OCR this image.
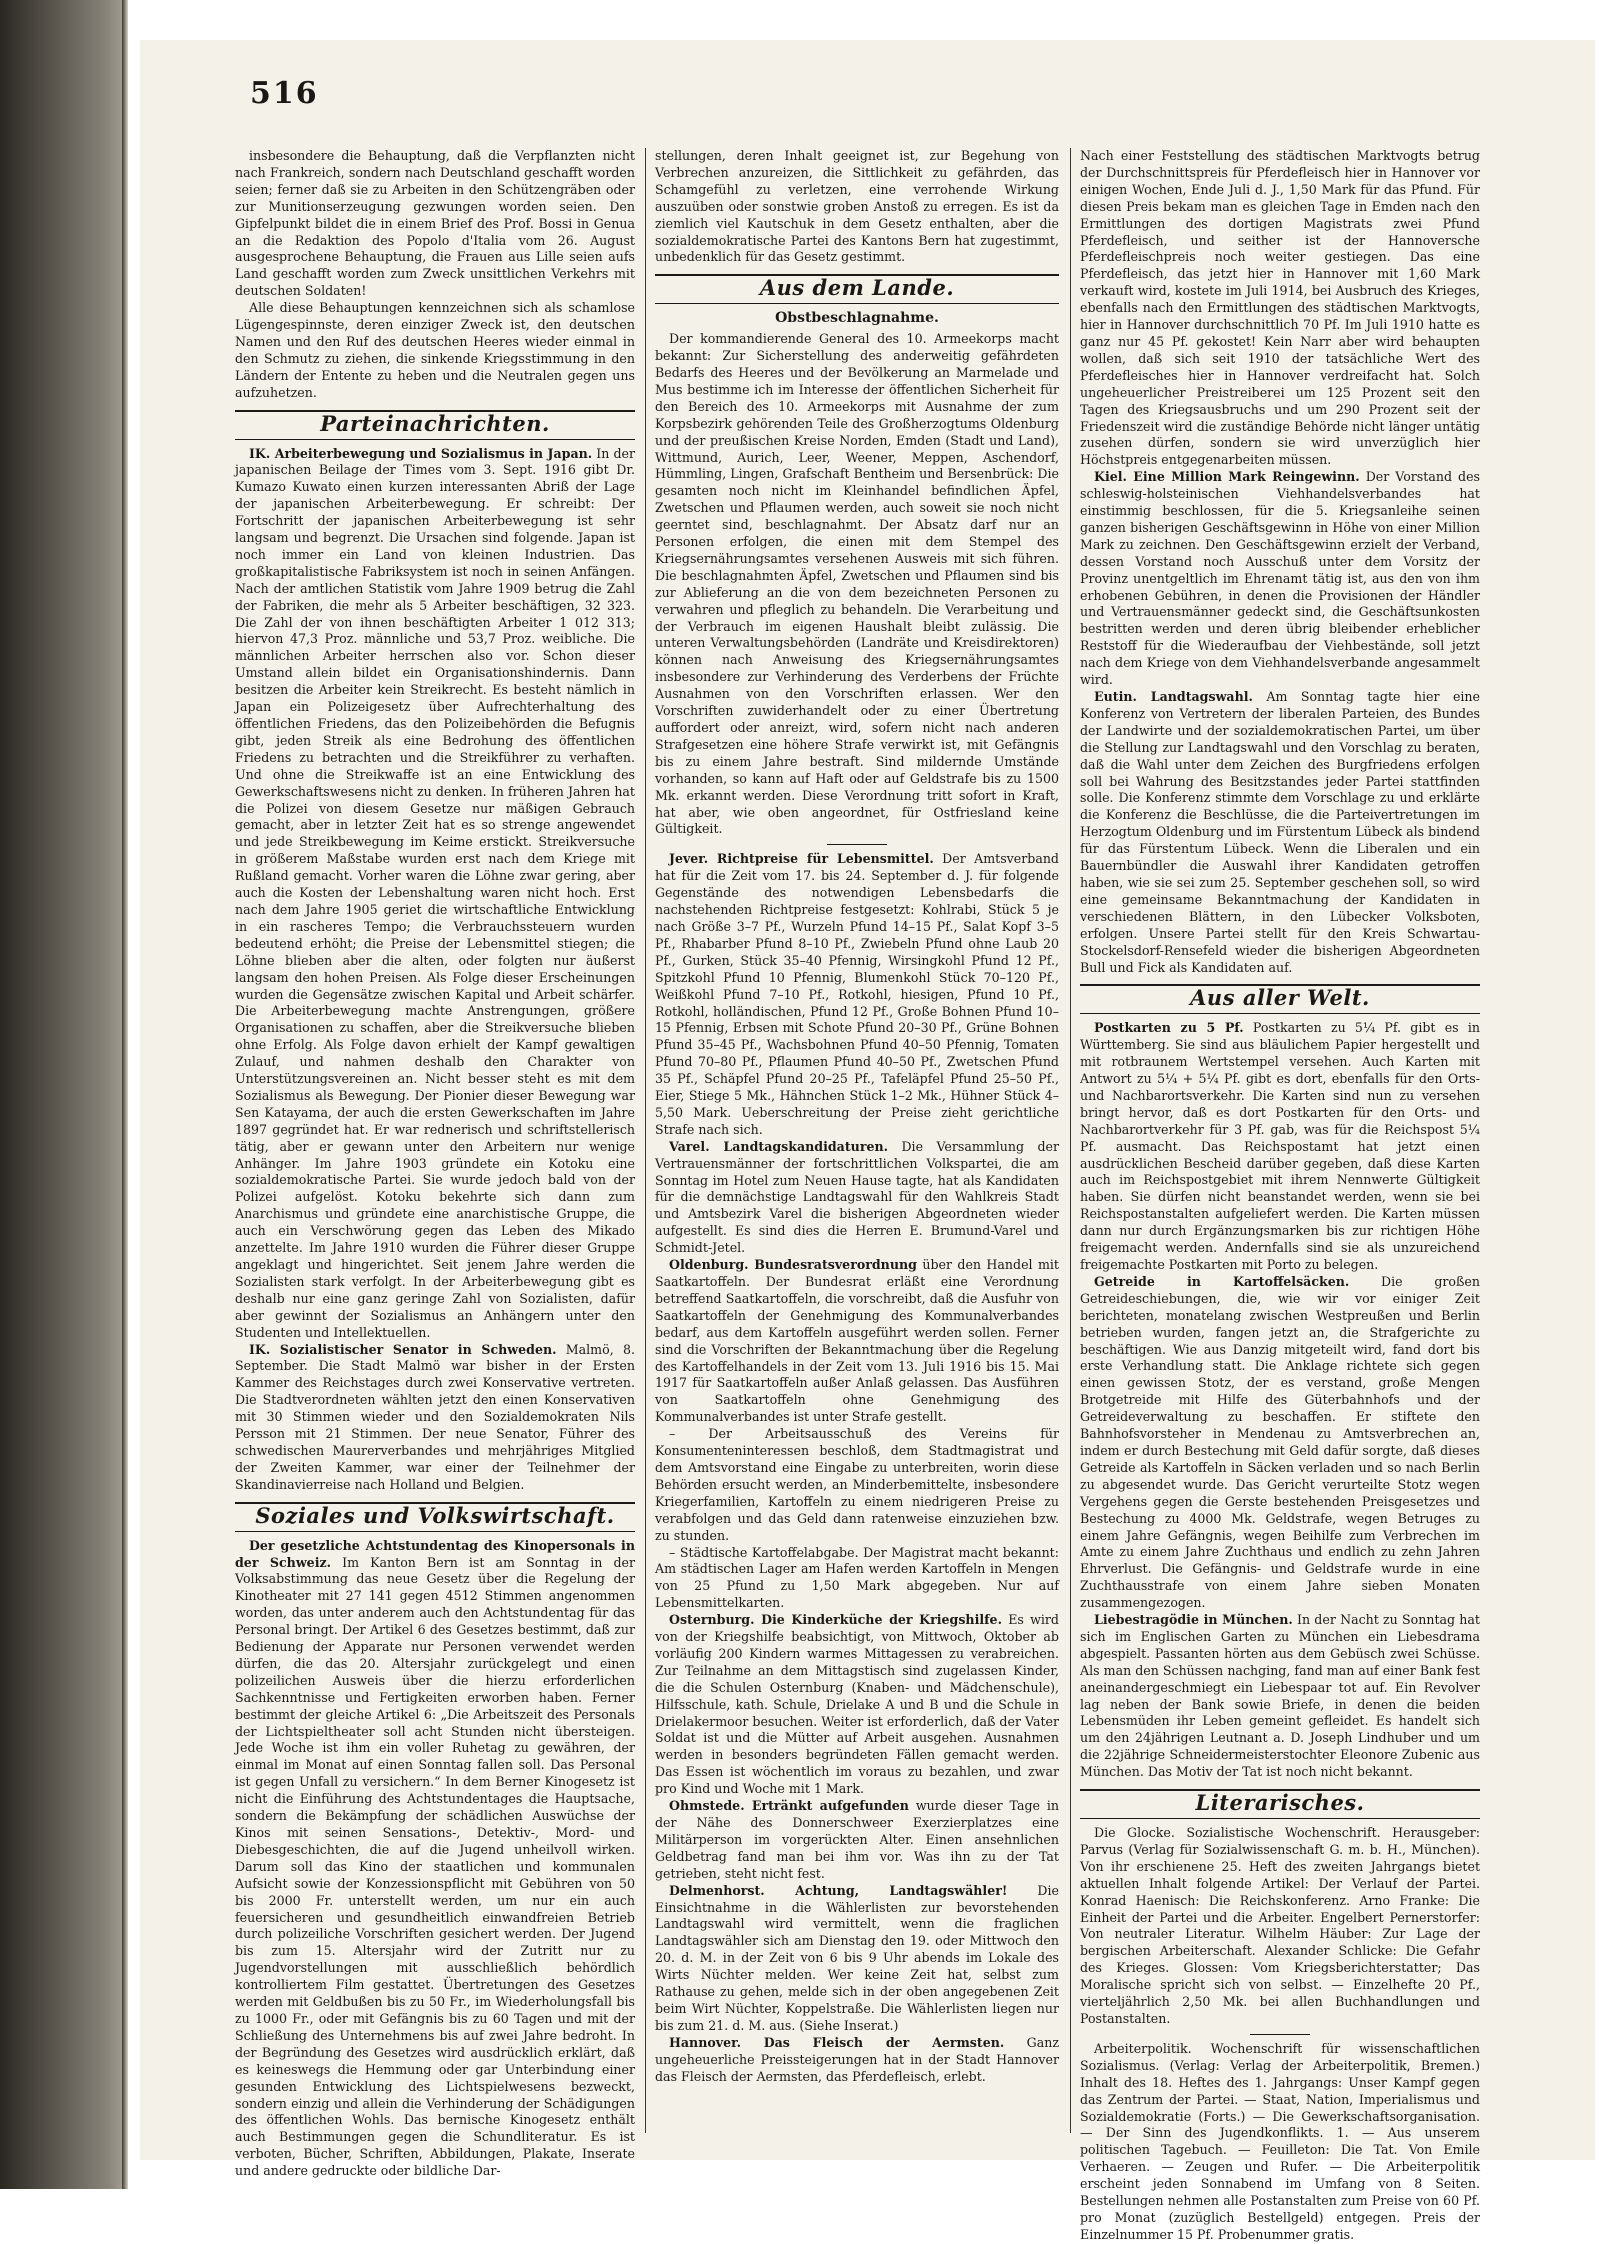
516

insbesondere die Behauptung, daß die Verpflanzten nicht nach Frankreich, sondern nach Deutschland geschafft worden seien; ferner daß sie zu Arbeiten in den Schützengräben oder zur Munitionserzeugung gezwungen worden seien. Den Gipfelpunkt bildet die in einem Brief des Prof. Bossi in Genua an die Redaktion des Popolo d'Italia vom 26. August ausgesprochene Behauptung, die Frauen aus Lille seien aufs Land geschafft worden zum Zweck unsittlichen Verkehrs mit deutschen Soldaten!

Alle diese Behauptungen kennzeichnen sich als schamlose Lügengespinnste, deren einziger Zweck ist, den deutschen Namen und den Ruf des deutschen Heeres wieder einmal in den Schmutz zu ziehen, die sinkende Kriegsstimmung in den Ländern der Entente zu heben und die Neutralen gegen uns aufzuhetzen.

Parteinachrichten.

IK. Arbeiterbewegung und Sozialismus in Japan. In der japanischen Beilage der Times vom 3. Sept. 1916 gibt Dr. Kumazo Kuwato einen kurzen interessanten Abriß der Lage der japanischen Arbeiterbewegung. Er schreibt: Der Fortschritt der japanischen Arbeiterbewegung ist sehr langsam und begrenzt. Die Ursachen sind folgende. Japan ist noch immer ein Land von kleinen Industrien. Das großkapitalistische Fabriksystem ist noch in seinen Anfängen. Nach der amtlichen Statistik vom Jahre 1909 betrug die Zahl der Fabriken, die mehr als 5 Arbeiter beschäftigen, 32 323. Die Zahl der von ihnen beschäftigten Arbeiter 1 012 313; hiervon 47,3 Proz. männliche und 53,7 Proz. weibliche. Die männlichen Arbeiter herrschen also vor. Schon dieser Umstand allein bildet ein Organisationshindernis. Dann besitzen die Arbeiter kein Streikrecht. Es besteht nämlich in Japan ein Polizeigesetz über Aufrechterhaltung des öffentlichen Friedens, das den Polizeibehörden die Befugnis gibt, jeden Streik als eine Bedrohung des öffentlichen Friedens zu betrachten und die Streikführer zu verhaften. Und ohne die Streikwaffe ist an eine Entwicklung des Gewerkschaftswesens nicht zu denken. In früheren Jahren hat die Polizei von diesem Gesetze nur mäßigen Gebrauch gemacht, aber in letzter Zeit hat es so strenge angewendet und jede Streikbewegung im Keime erstickt. Streikversuche in größerem Maßstabe wurden erst nach dem Kriege mit Rußland gemacht. Vorher waren die Löhne zwar gering, aber auch die Kosten der Lebenshaltung waren nicht hoch. Erst nach dem Jahre 1905 geriet die wirtschaftliche Entwicklung in ein rascheres Tempo; die Verbrauchssteuern wurden bedeutend erhöht; die Preise der Lebensmittel stiegen; die Löhne blieben aber die alten, oder folgten nur äußerst langsam den hohen Preisen. Als Folge dieser Erscheinungen wurden die Gegensätze zwischen Kapital und Arbeit schärfer. Die Arbeiterbewegung machte Anstrengungen, größere Organisationen zu schaffen, aber die Streikversuche blieben ohne Erfolg. Als Folge davon erhielt der Kampf gewaltigen Zulauf, und nahmen deshalb den Charakter von Unterstützungsvereinen an. Nicht besser steht es mit dem Sozialismus als Bewegung. Der Pionier dieser Bewegung war Sen Katayama, der auch die ersten Gewerkschaften im Jahre 1897 gegründet hat. Er war rednerisch und schriftstellerisch tätig, aber er gewann unter den Arbeitern nur wenige Anhänger. Im Jahre 1903 gründete ein Kotoku eine sozialdemokratische Partei. Sie wurde jedoch bald von der Polizei aufgelöst. Kotoku bekehrte sich dann zum Anarchismus und gründete eine anarchistische Gruppe, die auch ein Verschwörung gegen das Leben des Mikado anzettelte. Im Jahre 1910 wurden die Führer dieser Gruppe angeklagt und hingerichtet. Seit jenem Jahre werden die Sozialisten stark verfolgt. In der Arbeiterbewegung gibt es deshalb nur eine ganz geringe Zahl von Sozialisten, dafür aber gewinnt der Sozialismus an Anhängern unter den Studenten und Intellektuellen.

IK. Sozialistischer Senator in Schweden. Malmö, 8. September. Die Stadt Malmö war bisher in der Ersten Kammer des Reichstages durch zwei Konservative vertreten. Die Stadtverordneten wählten jetzt den einen Konservativen mit 30 Stimmen wieder und den Sozialdemokraten Nils Persson mit 21 Stimmen. Der neue Senator, Führer des schwedischen Maurerverbandes und mehrjähriges Mitglied der Zweiten Kammer, war einer der Teilnehmer der Skandinavierreise nach Holland und Belgien.

Soziales und Volkswirtschaft.

Der gesetzliche Achtstundentag des Kinopersonals in der Schweiz. Im Kanton Bern ist am Sonntag in der Volksabstimmung das neue Gesetz über die Regelung der Kinotheater mit 27 141 gegen 4512 Stimmen angenommen worden, das unter anderem auch den Achtstundentag für das Personal bringt. Der Artikel 6 des Gesetzes bestimmt, daß zur Bedienung der Apparate nur Personen verwendet werden dürfen, die das 20. Altersjahr zurückgelegt und einen polizeilichen Ausweis über die hierzu erforderlichen Sachkenntnisse und Fertigkeiten erworben haben. Ferner bestimmt der gleiche Artikel 6: „Die Arbeitszeit des Personals der Lichtspieltheater soll acht Stunden nicht übersteigen. Jede Woche ist ihm ein voller Ruhetag zu gewähren, der einmal im Monat auf einen Sonntag fallen soll. Das Personal ist gegen Unfall zu versichern.“ In dem Berner Kinogesetz ist nicht die Einführung des Achtstundentages die Hauptsache, sondern die Bekämpfung der schädlichen Auswüchse der Kinos mit seinen Sensations-, Detektiv-, Mord- und Diebesgeschichten, die auf die Jugend unheilvoll wirken. Darum soll das Kino der staatlichen und kommunalen Aufsicht sowie der Konzessionspflicht mit Gebühren von 50 bis 2000 Fr. unterstellt werden, um nur ein auch feuersicheren und gesundheitlich einwandfreien Betrieb durch polizeiliche Vorschriften gesichert werden. Der Jugend bis zum 15. Altersjahr wird der Zutritt nur zu Jugendvorstellungen mit ausschließlich behördlich kontrolliertem Film gestattet. Übertretungen des Gesetzes werden mit Geldbußen bis zu 50 Fr., im Wiederholungsfall bis zu 1000 Fr., oder mit Gefängnis bis zu 60 Tagen und mit der Schließung des Unternehmens bis auf zwei Jahre bedroht. In der Begründung des Gesetzes wird ausdrücklich erklärt, daß es keineswegs die Hemmung oder gar Unterbindung einer gesunden Entwicklung des Lichtspielwesens bezweckt, sondern einzig und allein die Verhinderung der Schädigungen des öffentlichen Wohls. Das bernische Kinogesetz enthält auch Bestimmungen gegen die Schundliteratur. Es ist verboten, Bücher, Schriften, Abbildungen, Plakate, Inserate und andere gedruckte oder bildliche Dar-

stellungen, deren Inhalt geeignet ist, zur Begehung von Verbrechen anzureizen, die Sittlichkeit zu gefährden, das Schamgefühl zu verletzen, eine verrohende Wirkung auszuüben oder sonstwie groben Anstoß zu erregen. Es ist da ziemlich viel Kautschuk in dem Gesetz enthalten, aber die sozialdemokratische Partei des Kantons Bern hat zugestimmt, unbedenklich für das Gesetz gestimmt.

Aus dem Lande.
Obstbeschlagnahme.

Der kommandierende General des 10. Armeekorps macht bekannt: Zur Sicherstellung des anderweitig gefährdeten Bedarfs des Heeres und der Bevölkerung an Marmelade und Mus bestimme ich im Interesse der öffentlichen Sicherheit für den Bereich des 10. Armeekorps mit Ausnahme der zum Korpsbezirk gehörenden Teile des Großherzogtums Oldenburg und der preußischen Kreise Norden, Emden (Stadt und Land), Wittmund, Aurich, Leer, Weener, Meppen, Aschendorf, Hümmling, Lingen, Grafschaft Bentheim und Bersenbrück: Die gesamten noch nicht im Kleinhandel befindlichen Äpfel, Zwetschen und Pflaumen werden, auch soweit sie noch nicht geerntet sind, beschlagnahmt. Der Absatz darf nur an Personen erfolgen, die einen mit dem Stempel des Kriegsernährungsamtes versehenen Ausweis mit sich führen. Die beschlagnahmten Äpfel, Zwetschen und Pflaumen sind bis zur Ablieferung an die von dem bezeichneten Personen zu verwahren und pfleglich zu behandeln. Die Verarbeitung und der Verbrauch im eigenen Haushalt bleibt zulässig. Die unteren Verwaltungsbehörden (Landräte und Kreisdirektoren) können nach Anweisung des Kriegsernährungsamtes insbesondere zur Verhinderung des Verderbens der Früchte Ausnahmen von den Vorschriften erlassen. Wer den Vorschriften zuwiderhandelt oder zu einer Übertretung auffordert oder anreizt, wird, sofern nicht nach anderen Strafgesetzen eine höhere Strafe verwirkt ist, mit Gefängnis bis zu einem Jahre bestraft. Sind mildernde Umstände vorhanden, so kann auf Haft oder auf Geldstrafe bis zu 1500 Mk. erkannt werden. Diese Verordnung tritt sofort in Kraft, hat aber, wie oben angeordnet, für Ostfriesland keine Gültigkeit.

Jever. Richtpreise für Lebensmittel. Der Amtsverband hat für die Zeit vom 17. bis 24. September d. J. für folgende Gegenstände des notwendigen Lebensbedarfs die nachstehenden Richtpreise festgesetzt: Kohlrabi, Stück 5 je nach Größe 3–7 Pf., Wurzeln Pfund 14–15 Pf., Salat Kopf 3–5 Pf., Rhabarber Pfund 8–10 Pf., Zwiebeln Pfund ohne Laub 20 Pf., Gurken, Stück 35–40 Pfennig, Wirsingkohl Pfund 12 Pf., Spitzkohl Pfund 10 Pfennig, Blumenkohl Stück 70–120 Pf., Weißkohl Pfund 7–10 Pf., Rotkohl, hiesigen, Pfund 10 Pf., Rotkohl, holländischen, Pfund 12 Pf., Große Bohnen Pfund 10–15 Pfennig, Erbsen mit Schote Pfund 20–30 Pf., Grüne Bohnen Pfund 35–45 Pf., Wachsbohnen Pfund 40–50 Pfennig, Tomaten Pfund 70–80 Pf., Pflaumen Pfund 40–50 Pf., Zwetschen Pfund 35 Pf., Schäpfel Pfund 20–25 Pf., Tafeläpfel Pfund 25–50 Pf., Eier, Stiege 5 Mk., Hähnchen Stück 1–2 Mk., Hühner Stück 4–5,50 Mark. Ueberschreitung der Preise zieht gerichtliche Strafe nach sich.

Varel. Landtagskandidaturen. Die Versammlung der Vertrauensmänner der fortschrittlichen Volkspartei, die am Sonntag im Hotel zum Neuen Hause tagte, hat als Kandidaten für die demnächstige Landtagswahl für den Wahlkreis Stadt und Amtsbezirk Varel die bisherigen Abgeordneten wieder aufgestellt. Es sind dies die Herren E. Brumund-Varel und Schmidt-Jetel.

Oldenburg. Bundesratsverordnung über den Handel mit Saatkartoffeln. Der Bundesrat erläßt eine Verordnung betreffend Saatkartoffeln, die vorschreibt, daß die Ausfuhr von Saatkartoffeln der Genehmigung des Kommunalverbandes bedarf, aus dem Kartoffeln ausgeführt werden sollen. Ferner sind die Vorschriften der Bekanntmachung über die Regelung des Kartoffelhandels in der Zeit vom 13. Juli 1916 bis 15. Mai 1917 für Saatkartoffeln außer Anlaß gelassen. Das Ausführen von Saatkartoffeln ohne Genehmigung des Kommunalverbandes ist unter Strafe gestellt.

– Der Arbeitsausschuß des Vereins für Konsumenteninteressen beschloß, dem Stadtmagistrat und dem Amtsvorstand eine Eingabe zu unterbreiten, worin diese Behörden ersucht werden, an Minderbemittelte, insbesondere Kriegerfamilien, Kartoffeln zu einem niedrigeren Preise zu verabfolgen und das Geld dann ratenweise einzuziehen bzw. zu stunden.

– Städtische Kartoffelabgabe. Der Magistrat macht bekannt: Am städtischen Lager am Hafen werden Kartoffeln in Mengen von 25 Pfund zu 1,50 Mark abgegeben. Nur auf Lebensmittelkarten.

Osternburg. Die Kinderküche der Kriegshilfe. Es wird von der Kriegshilfe beabsichtigt, von Mittwoch, Oktober ab vorläufig 200 Kindern warmes Mittagessen zu verabreichen. Zur Teilnahme an dem Mittagstisch sind zugelassen Kinder, die die Schulen Osternburg (Knaben- und Mädchenschule), Hilfsschule, kath. Schule, Drielake A und B und die Schule in Drielakermoor besuchen. Weiter ist erforderlich, daß der Vater Soldat ist und die Mütter auf Arbeit ausgehen. Ausnahmen werden in besonders begründeten Fällen gemacht werden. Das Essen ist wöchentlich im voraus zu bezahlen, und zwar pro Kind und Woche mit 1 Mark.

Ohmstede. Ertränkt aufgefunden wurde dieser Tage in der Nähe des Donnerschweer Exerzierplatzes eine Militärperson im vorgerückten Alter. Einen ansehnlichen Geldbetrag fand man bei ihm vor. Was ihn zu der Tat getrieben, steht nicht fest.

Delmenhorst. Achtung, Landtagswähler! Die Einsichtnahme in die Wählerlisten zur bevorstehenden Landtagswahl wird vermittelt, wenn die fraglichen Landtagswähler sich am Dienstag den 19. oder Mittwoch den 20. d. M. in der Zeit von 6 bis 9 Uhr abends im Lokale des Wirts Nüchter melden. Wer keine Zeit hat, selbst zum Rathause zu gehen, melde sich in der oben angegebenen Zeit beim Wirt Nüchter, Koppelstraße. Die Wählerlisten liegen nur bis zum 21. d. M. aus. (Siehe Inserat.)

Hannover. Das Fleisch der Aermsten. Ganz ungeheuerliche Preissteigerungen hat in der Stadt Hannover das Fleisch der Aermsten, das Pferdefleisch, erlebt.

Nach einer Feststellung des städtischen Marktvogts betrug der Durchschnittspreis für Pferdefleisch hier in Hannover vor einigen Wochen, Ende Juli d. J., 1,50 Mark für das Pfund. Für diesen Preis bekam man es gleichen Tage in Emden nach den Ermittlungen des dortigen Magistrats zwei Pfund Pferdefleisch, und seither ist der Hannoversche Pferdefleischpreis noch weiter gestiegen. Das eine Pferdefleisch, das jetzt hier in Hannover mit 1,60 Mark verkauft wird, kostete im Juli 1914, bei Ausbruch des Krieges, ebenfalls nach den Ermittlungen des städtischen Marktvogts, hier in Hannover durchschnittlich 70 Pf. Im Juli 1910 hatte es ganz nur 45 Pf. gekostet! Kein Narr aber wird behaupten wollen, daß sich seit 1910 der tatsächliche Wert des Pferdefleisches hier in Hannover verdreifacht hat. Solch ungeheuerlicher Preistreiberei um 125 Prozent seit den Tagen des Kriegsausbruchs und um 290 Prozent seit der Friedenszeit wird die zuständige Behörde nicht länger untätig zusehen dürfen, sondern sie wird unverzüglich hier Höchstpreis entgegenarbeiten müssen.

Kiel. Eine Million Mark Reingewinn. Der Vorstand des schleswig-holsteinischen Viehhandelsverbandes hat einstimmig beschlossen, für die 5. Kriegsanleihe seinen ganzen bisherigen Geschäftsgewinn in Höhe von einer Million Mark zu zeichnen. Den Geschäftsgewinn erzielt der Verband, dessen Vorstand noch Ausschuß unter dem Vorsitz der Provinz unentgeltlich im Ehrenamt tätig ist, aus den von ihm erhobenen Gebühren, in denen die Provisionen der Händler und Vertrauensmänner gedeckt sind, die Geschäftsunkosten bestritten werden und deren übrig bleibender erheblicher Reststoff für die Wiederaufbau der Viehbestände, soll jetzt nach dem Kriege von dem Viehhandelsverbande angesammelt wird.

Eutin. Landtagswahl. Am Sonntag tagte hier eine Konferenz von Vertretern der liberalen Parteien, des Bundes der Landwirte und der sozialdemokratischen Partei, um über die Stellung zur Landtagswahl und den Vorschlag zu beraten, daß die Wahl unter dem Zeichen des Burgfriedens erfolgen soll bei Wahrung des Besitzstandes jeder Partei stattfinden solle. Die Konferenz stimmte dem Vorschlage zu und erklärte die Konferenz die Beschlüsse, die die Parteivertretungen im Herzogtum Oldenburg und im Fürstentum Lübeck als bindend für das Fürstentum Lübeck. Wenn die Liberalen und ein Bauernbündler die Auswahl ihrer Kandidaten getroffen haben, wie sie sei zum 25. September geschehen soll, so wird eine gemeinsame Bekanntmachung der Kandidaten in verschiedenen Blättern, in den Lübecker Volksboten, erfolgen. Unsere Partei stellt für den Kreis Schwartau-Stockelsdorf-Rensefeld wieder die bisherigen Abgeordneten Bull und Fick als Kandidaten auf.

Aus aller Welt.

Postkarten zu 5 Pf. Postkarten zu 5¼ Pf. gibt es in Württemberg. Sie sind aus bläulichem Papier hergestellt und mit rotbraunem Wertstempel versehen. Auch Karten mit Antwort zu 5¼ + 5¼ Pf. gibt es dort, ebenfalls für den Orts- und Nachbarortsverkehr. Die Karten sind nun zu versehen bringt hervor, daß es dort Postkarten für den Orts- und Nachbarortverkehr für 3 Pf. gab, was für die Reichspost 5¼ Pf. ausmacht. Das Reichspostamt hat jetzt einen ausdrücklichen Bescheid darüber gegeben, daß diese Karten auch im Reichspostgebiet mit ihrem Nennwerte Gültigkeit haben. Sie dürfen nicht beanstandet werden, wenn sie bei Reichspostanstalten aufgeliefert werden. Die Karten müssen dann nur durch Ergänzungsmarken bis zur richtigen Höhe freigemacht werden. Andernfalls sind sie als unzureichend freigemachte Postkarten mit Porto zu belegen.

Getreide in Kartoffelsäcken.	Die großen Getreideschiebungen, die, wie wir vor einiger Zeit berichteten, monatelang zwischen Westpreußen und Berlin betrieben wurden, fangen jetzt an, die Strafgerichte zu beschäftigen. Wie aus Danzig mitgeteilt wird, fand dort bis erste Verhandlung statt. Die Anklage richtete sich gegen einen gewissen Stotz, der es verstand, große Mengen Brotgetreide mit Hilfe des Güterbahnhofs und der Getreideverwaltung zu beschaffen. Er stiftete den Bahnhofsvorsteher in Mendenau zu Amtsverbrechen an, indem er durch Bestechung mit Geld dafür sorgte, daß dieses Getreide als Kartoffeln in Säcken verladen und so nach Berlin zu abgesendet wurde. Das Gericht verurteilte Stotz wegen Vergehens gegen die Gerste bestehenden Preisgesetzes und Bestechung zu 4000 Mk. Geldstrafe, wegen Betruges zu einem Jahre Gefängnis, wegen Beihilfe zum Verbrechen im Amte zu einem Jahre Zuchthaus und endlich zu zehn Jahren Ehrverlust. Die Gefängnis- und Geldstrafe wurde in eine Zuchthausstrafe von einem Jahre sieben Monaten zusammengezogen.

Liebestragödie in München. In der Nacht zu Sonntag hat sich im Englischen Garten zu München ein Liebesdrama abgespielt. Passanten hörten aus dem Gebüsch zwei Schüsse. Als man den Schüssen nachging, fand man auf einer Bank fest aneinandergeschmiegt ein Liebespaar tot auf. Ein Revolver lag neben der Bank sowie Briefe, in denen die beiden Lebensmüden ihr Leben gemeint gefleidet. Es handelt sich um den 24jährigen Leutnant a. D. Joseph Lindhuber und um die 22jährige Schneidermeisterstochter Eleonore Zubenic aus München. Das Motiv der Tat ist noch nicht bekannt.

Literarisches.

Die Glocke. Sozialistische Wochenschrift. Herausgeber: Parvus (Verlag für Sozialwissenschaft G. m. b. H., München). Von ihr erschienene 25. Heft des zweiten Jahrgangs bietet aktuellen Inhalt folgende Artikel: Der Verlauf der Partei. Konrad Haenisch: Die Reichskonferenz. Arno Franke: Die Einheit der Partei und die Arbeiter. Engelbert Pernerstorfer: Von neutraler Literatur. Wilhelm Häuber: Zur Lage der bergischen Arbeiterschaft. Alexander Schlicke: Die Gefahr des Krieges. Glossen: Vom Kriegsberichterstatter; Das Moralische spricht sich von selbst. — Einzelhefte 20 Pf., vierteljährlich 2,50 Mk. bei allen Buchhandlungen und Postanstalten.

Arbeiterpolitik. Wochenschrift für wissenschaftlichen Sozialismus. (Verlag: Verlag der Arbeiterpolitik, Bremen.) Inhalt des 18. Heftes des 1. Jahrgangs: Unser Kampf gegen das Zentrum der Partei. — Staat, Nation, Imperialismus und Sozialdemokratie (Forts.) — Die Gewerkschaftsorganisation. — Der Sinn des Jugendkonflikts. 1. — Aus unserem politischen Tagebuch. — Feuilleton: Die Tat. Von Emile Verhaeren. — Zeugen und Rufer. — Die Arbeiterpolitik erscheint jeden Sonnabend im Umfang von 8 Seiten. Bestellungen nehmen alle Postanstalten zum Preise von 60 Pf. pro Monat (zuzüglich Bestellgeld) entgegen. Preis der Einzelnummer 15 Pf. Probenummer gratis.
